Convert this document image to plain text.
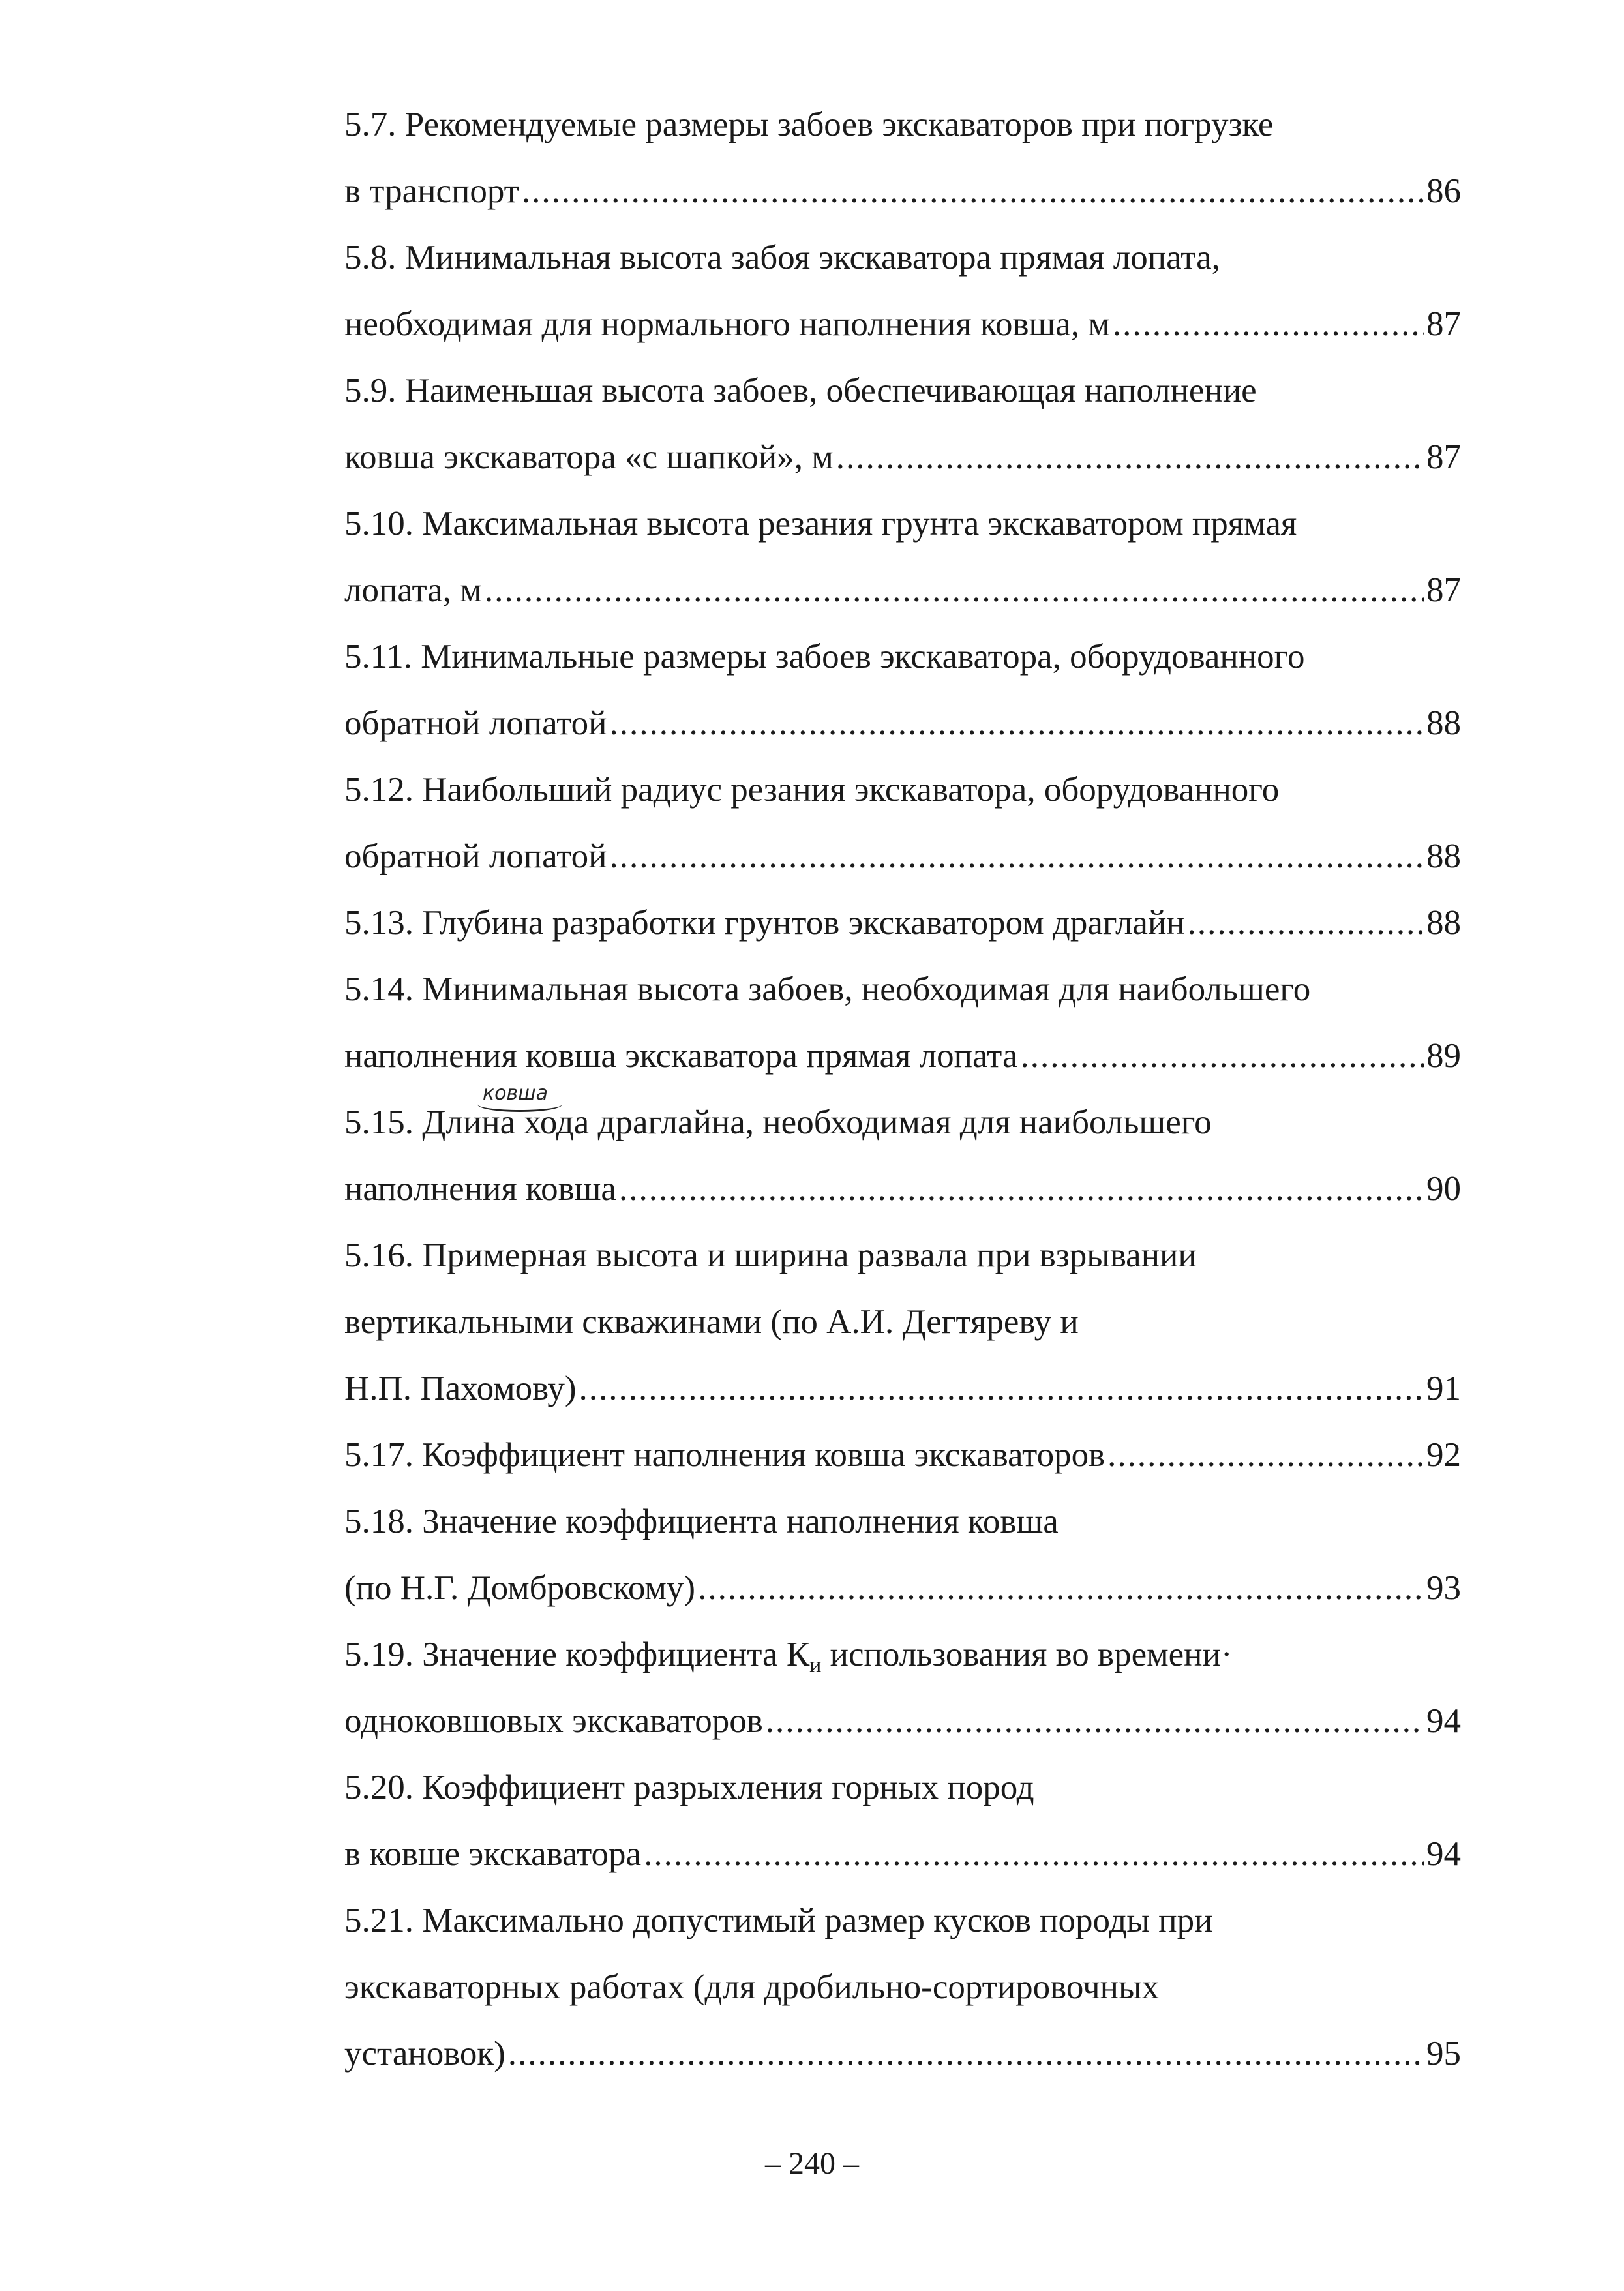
5.7. Рекомендуемые размеры забоев экскаваторов при погрузке
в транспорт .....	86
5.8. Минимальная высота забоя экскаватора прямая лопата,
необходимая для нормального наполнения ковша, м .....	87
5.9. Наименьшая высота забоев, обеспечивающая наполнение
ковша экскаватора «с шапкой», м .....	87
5.10. Максимальная высота резания грунта экскаватором прямая
лопата, м .....	87
5.11. Минимальные размеры забоев экскаватора, оборудованного
обратной лопатой .....	88
5.12. Наибольший радиус резания экскаватора, оборудованного
обратной лопатой .....	88
5.13. Глубина разработки грунтов экскаватором драглайн .....	88
5.14. Минимальная высота забоев, необходимая для наибольшего
наполнения ковша экскаватора прямая лопата .....	89
5.15. Длина хода драглайна, необходимая для наибольшего
ковша
наполнения ковша .....	90
5.16. Примерная высота и ширина развала при взрывании
вертикальными скважинами (по А.И. Дегтяреву и
Н.П. Пахомову) .....	91
5.17. Коэффициент наполнения ковша экскаваторов .....	92
5.18. Значение коэффициента наполнения ковша
(по Н.Г. Домбровскому) .....	93
5.19. Значение коэффициента Ки использования во времени·
одноковшовых экскаваторов .....	94
5.20. Коэффициент разрыхления горных пород
в ковше экскаватора .....	94
5.21. Максимально допустимый размер кусков породы при
экскаваторных работах (для дробильно-сортировочных
установок) .....	95
– 240 –
